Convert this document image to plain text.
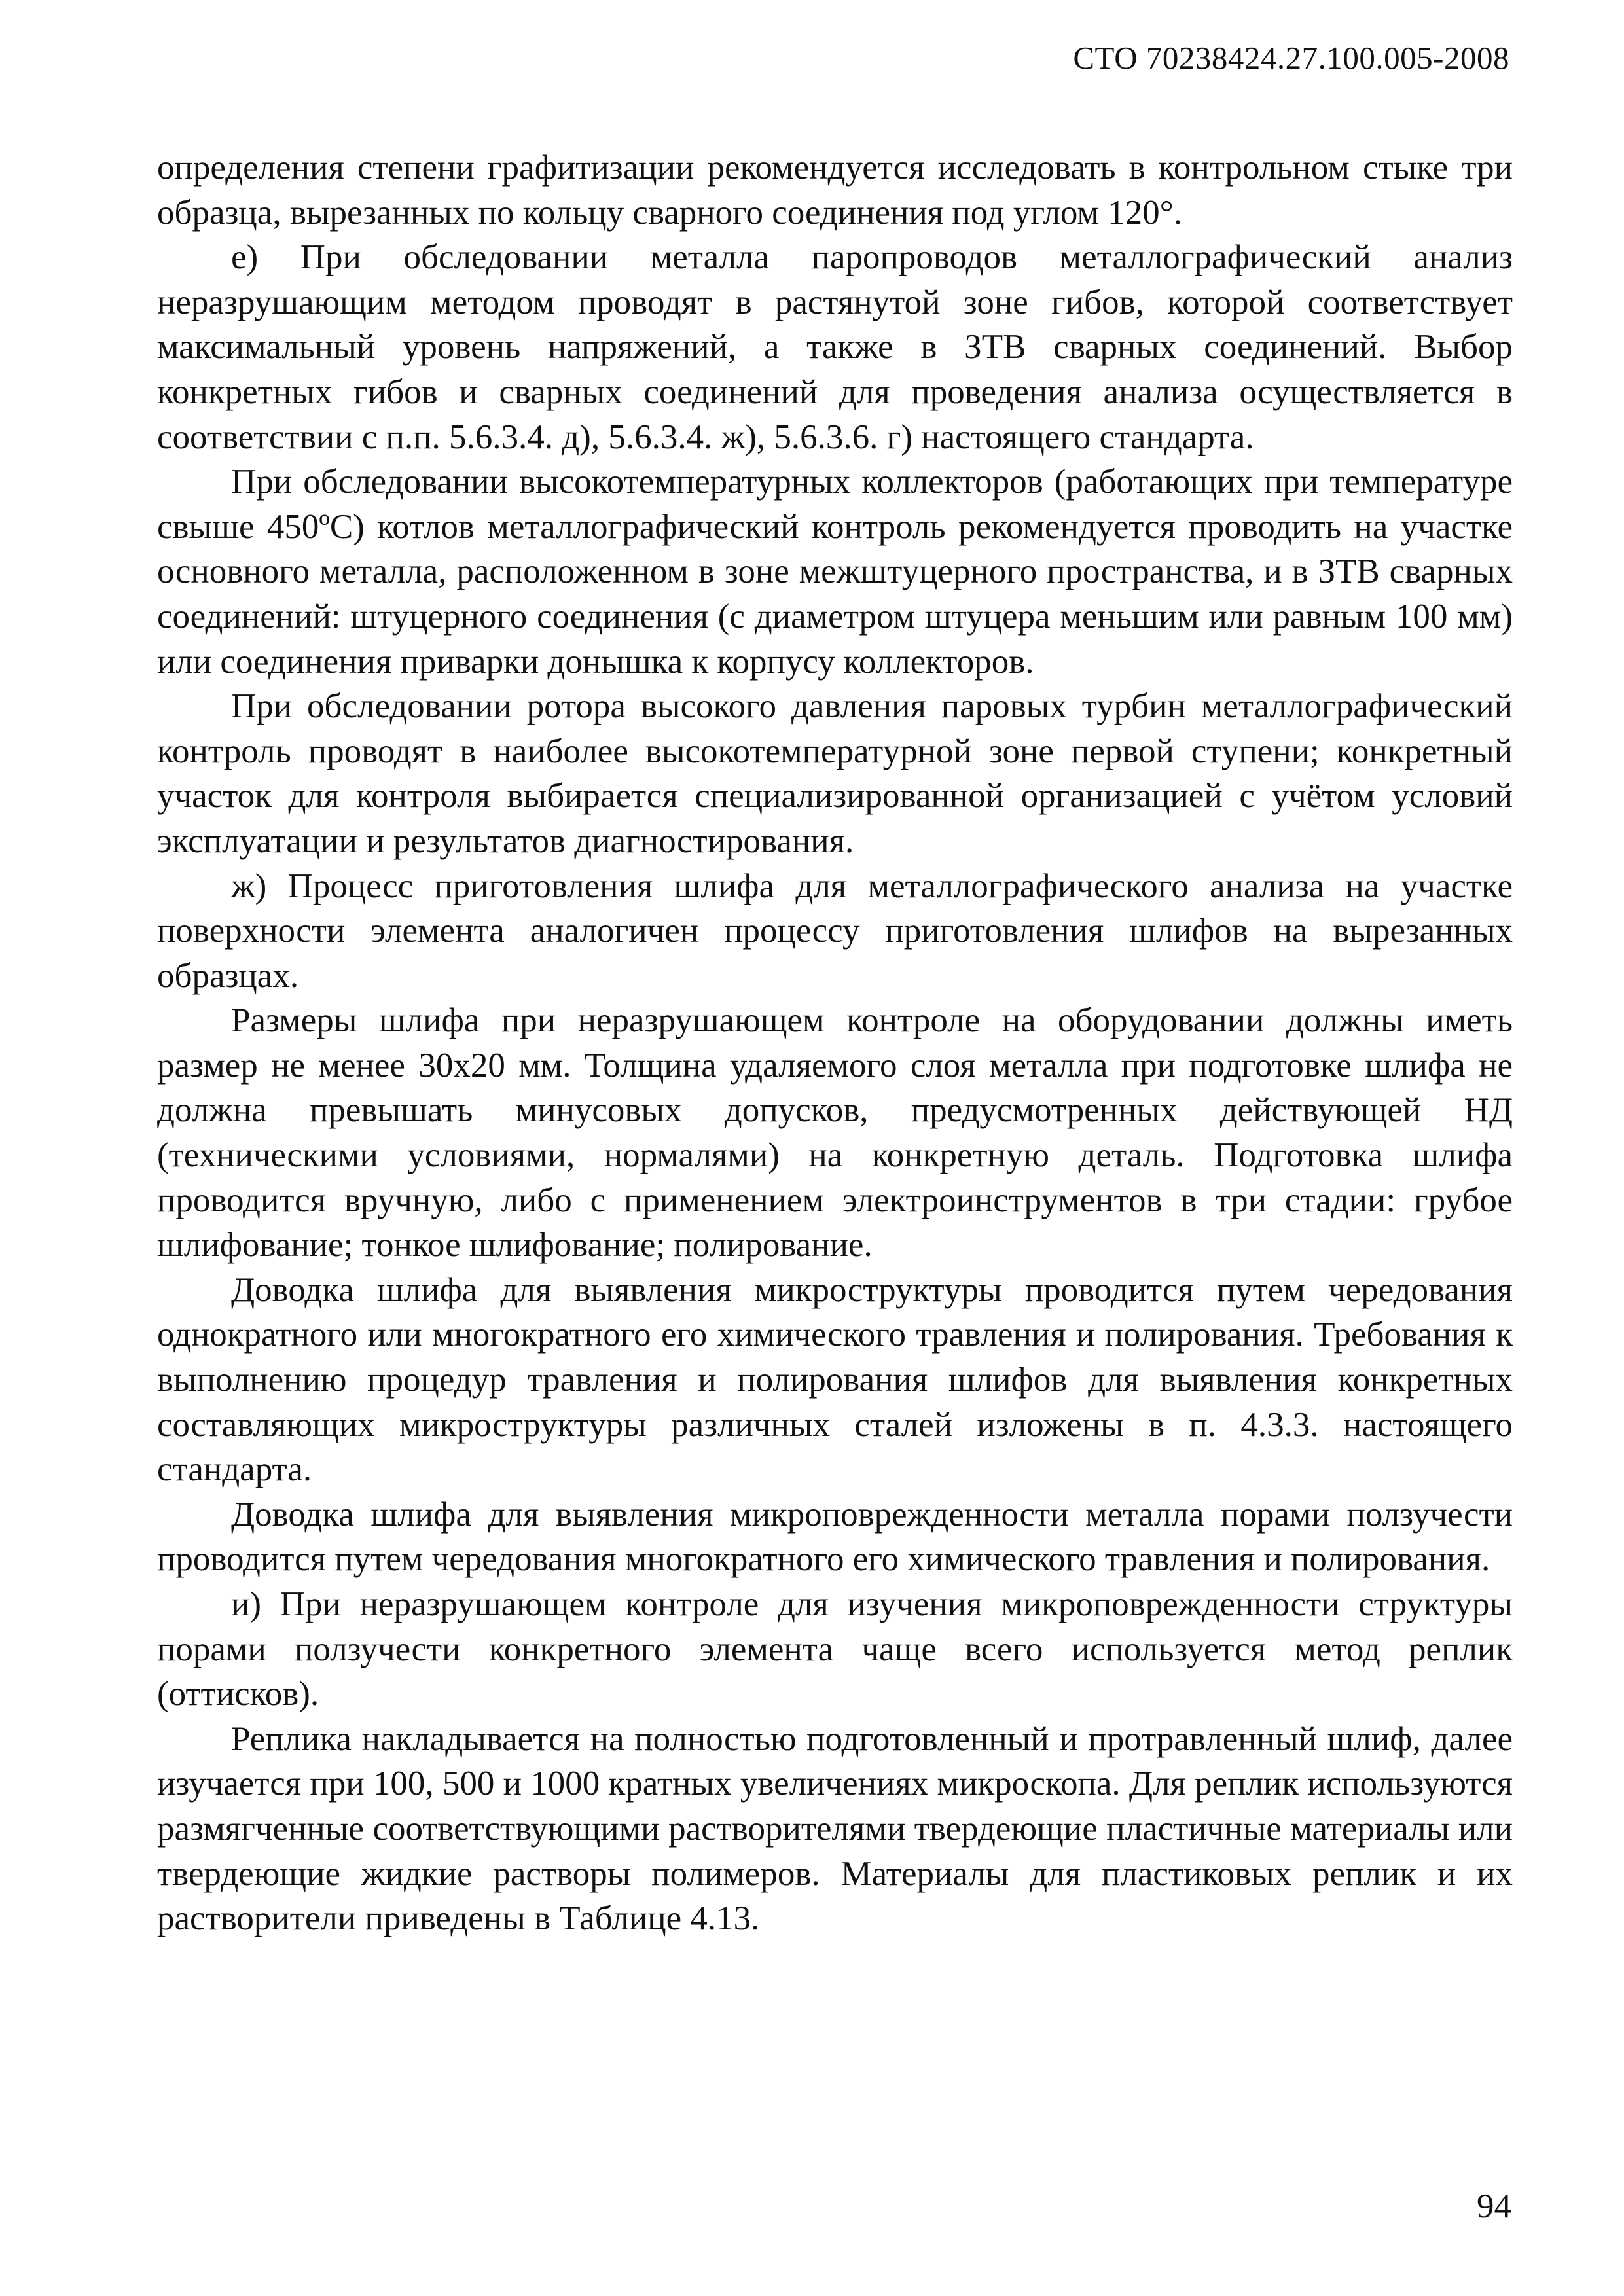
СТО 70238424.27.100.005-2008

определения степени графитизации рекомендуется исследовать в контрольном стыке три образца, вырезанных по кольцу сварного соединения под углом 120°.

е) При обследовании металла паропроводов металлографический анализ неразрушающим методом проводят в растянутой зоне гибов, которой соответствует максимальный уровень напряжений, а также в ЗТВ сварных соединений. Выбор конкретных гибов и сварных соединений для проведения анализа осуществляется в соответствии с п.п. 5.6.3.4. д), 5.6.3.4. ж), 5.6.3.6. г) настоящего стандарта.

При обследовании высокотемпературных коллекторов (работающих при температуре свыше 450ºС) котлов металлографический контроль рекомендуется проводить на участке основного металла, расположенном в зоне межштуцерного пространства, и в ЗТВ сварных соединений: штуцерного соединения (с диаметром штуцера меньшим или равным 100 мм) или соединения приварки донышка к корпусу коллекторов.

При обследовании ротора высокого давления паровых турбин металлографический контроль проводят в наиболее высокотемпературной зоне первой ступени; конкретный участок для контроля выбирается специализированной организацией с учётом условий эксплуатации и результатов диагностирования.

ж) Процесс приготовления шлифа для металлографического анализа на участке поверхности элемента аналогичен процессу приготовления шлифов на вырезанных образцах.

Размеры шлифа при неразрушающем контроле на оборудовании должны иметь размер не менее 30х20 мм. Толщина удаляемого слоя металла при подготовке шлифа не должна превышать минусовых допусков, предусмотренных действующей НД (техническими условиями, нормалями) на конкретную деталь. Подготовка шлифа проводится вручную, либо с применением электроинструментов в три стадии: грубое шлифование; тонкое шлифование; полирование.

Доводка шлифа для выявления микроструктуры проводится путем чередования однократного или многократного его химического травления и полирования. Требования к выполнению процедур травления и полирования шлифов для выявления конкретных составляющих микроструктуры различных сталей изложены в п. 4.3.3. настоящего стандарта.

Доводка шлифа для выявления микроповрежденности металла порами ползучести проводится путем чередования многократного его химического травления и полирования.

и) При неразрушающем контроле для изучения микроповрежденности структуры порами ползучести конкретного элемента чаще всего используется метод реплик (оттисков).

Реплика накладывается на полностью подготовленный и протравленный шлиф, далее изучается при 100, 500 и 1000 кратных увеличениях микроскопа. Для реплик используются размягченные соответствующими растворителями твердеющие пластичные материалы или твердеющие жидкие растворы полимеров. Материалы для пластиковых реплик и их растворители приведены в Таблице 4.13.

94
